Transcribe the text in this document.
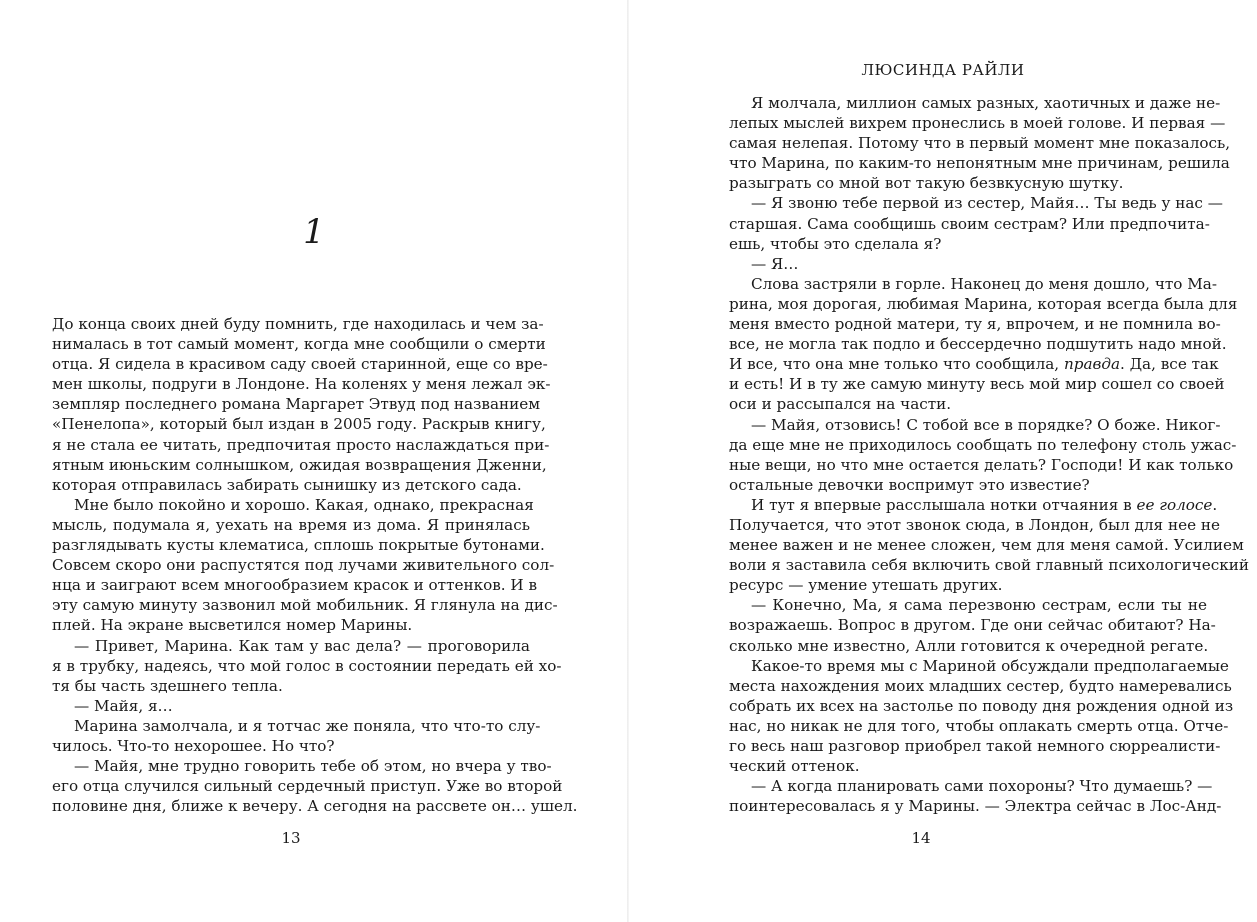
1
До конца своих дней буду помнить, где находилась и чем за-
нималась в тот самый момент, когда мне сообщили о смерти
отца. Я сидела в красивом саду своей старинной, еще со вре-
мен школы, подруги в Лондоне. На коленях у меня лежал эк-
земпляр последнего романа Маргарет Этвуд под названием
«Пенелопа», который был издан в 2005 году. Раскрыв книгу,
я не стала ее читать, предпочитая просто наслаждаться при-
ятным июньским солнышком, ожидая возвращения Дженни,
которая отправилась забирать сынишку из детского сада.
Мне было покойно и хорошо. Какая, однако, прекрасная
мысль, подумала я, уехать на время из дома. Я принялась
разглядывать кусты клематиса, сплошь покрытые бутонами.
Совсем скоро они распустятся под лучами живительного сол-
нца и заиграют всем многообразием красок и оттенков. И в
эту самую минуту зазвонил мой мобильник. Я глянула на дис-
плей. На экране высветился номер Марины.
— Привет, Марина. Как там у вас дела? — проговорила
я в трубку, надеясь, что мой голос в состоянии передать ей хо-
тя бы часть здешнего тепла.
— Майя, я…
Марина замолчала, и я тотчас же поняла, что что-то слу-
чилось. Что-то нехорошее. Но что?
— Майя, мне трудно говорить тебе об этом, но вчера у тво-
его отца случился сильный сердечный приступ. Уже во второй
половине дня, ближе к вечеру. А сегодня на рассвете он… ушел.
13
ЛЮСИНДА РАЙЛИ
Я молчала, миллион самых разных, хаотичных и даже не-
лепых мыслей вихрем пронеслись в моей голове. И первая —
самая нелепая. Потому что в первый момент мне показалось,
что Марина, по каким-то непонятным мне причинам, решила
разыграть со мной вот такую безвкусную шутку.
— Я звоню тебе первой из сестер, Майя… Ты ведь у нас —
старшая. Сама сообщишь своим сестрам? Или предпочита-
ешь, чтобы это сделала я?
— Я…
Слова застряли в горле. Наконец до меня дошло, что Ма-
рина, моя дорогая, любимая Марина, которая всегда была для
меня вместо родной матери, ту я, впрочем, и не помнила во-
все, не могла так подло и бессердечно подшутить надо мной.
И все, что она мне только что сообщила, правда. Да, все так
и есть! И в ту же самую минуту весь мой мир сошел со своей
оси и рассыпался на части.
— Майя, отзовись! С тобой все в порядке? О боже. Никог-
да еще мне не приходилось сообщать по телефону столь ужас-
ные вещи, но что мне остается делать? Господи! И как только
остальные девочки воспримут это известие?
И тут я впервые расслышала нотки отчаяния в ее голосе.
Получается, что этот звонок сюда, в Лондон, был для нее не
менее важен и не менее сложен, чем для меня самой. Усилием
воли я заставила себя включить свой главный психологический
ресурс — умение утешать других.
— Конечно, Ма, я сама перезвоню сестрам, если ты не
возражаешь. Вопрос в другом. Где они сейчас обитают? На-
сколько мне известно, Алли готовится к очередной регате.
Какое-то время мы с Мариной обсуждали предполагаемые
места нахождения моих младших сестер, будто намеревались
собрать их всех на застолье по поводу дня рождения одной из
нас, но никак не для того, чтобы оплакать смерть отца. Отче-
го весь наш разговор приобрел такой немного сюрреалисти-
ческий оттенок.
— А когда планировать сами похороны? Что думаешь? —
поинтересовалась я у Марины. — Электра сейчас в Лос-Анд-
14
